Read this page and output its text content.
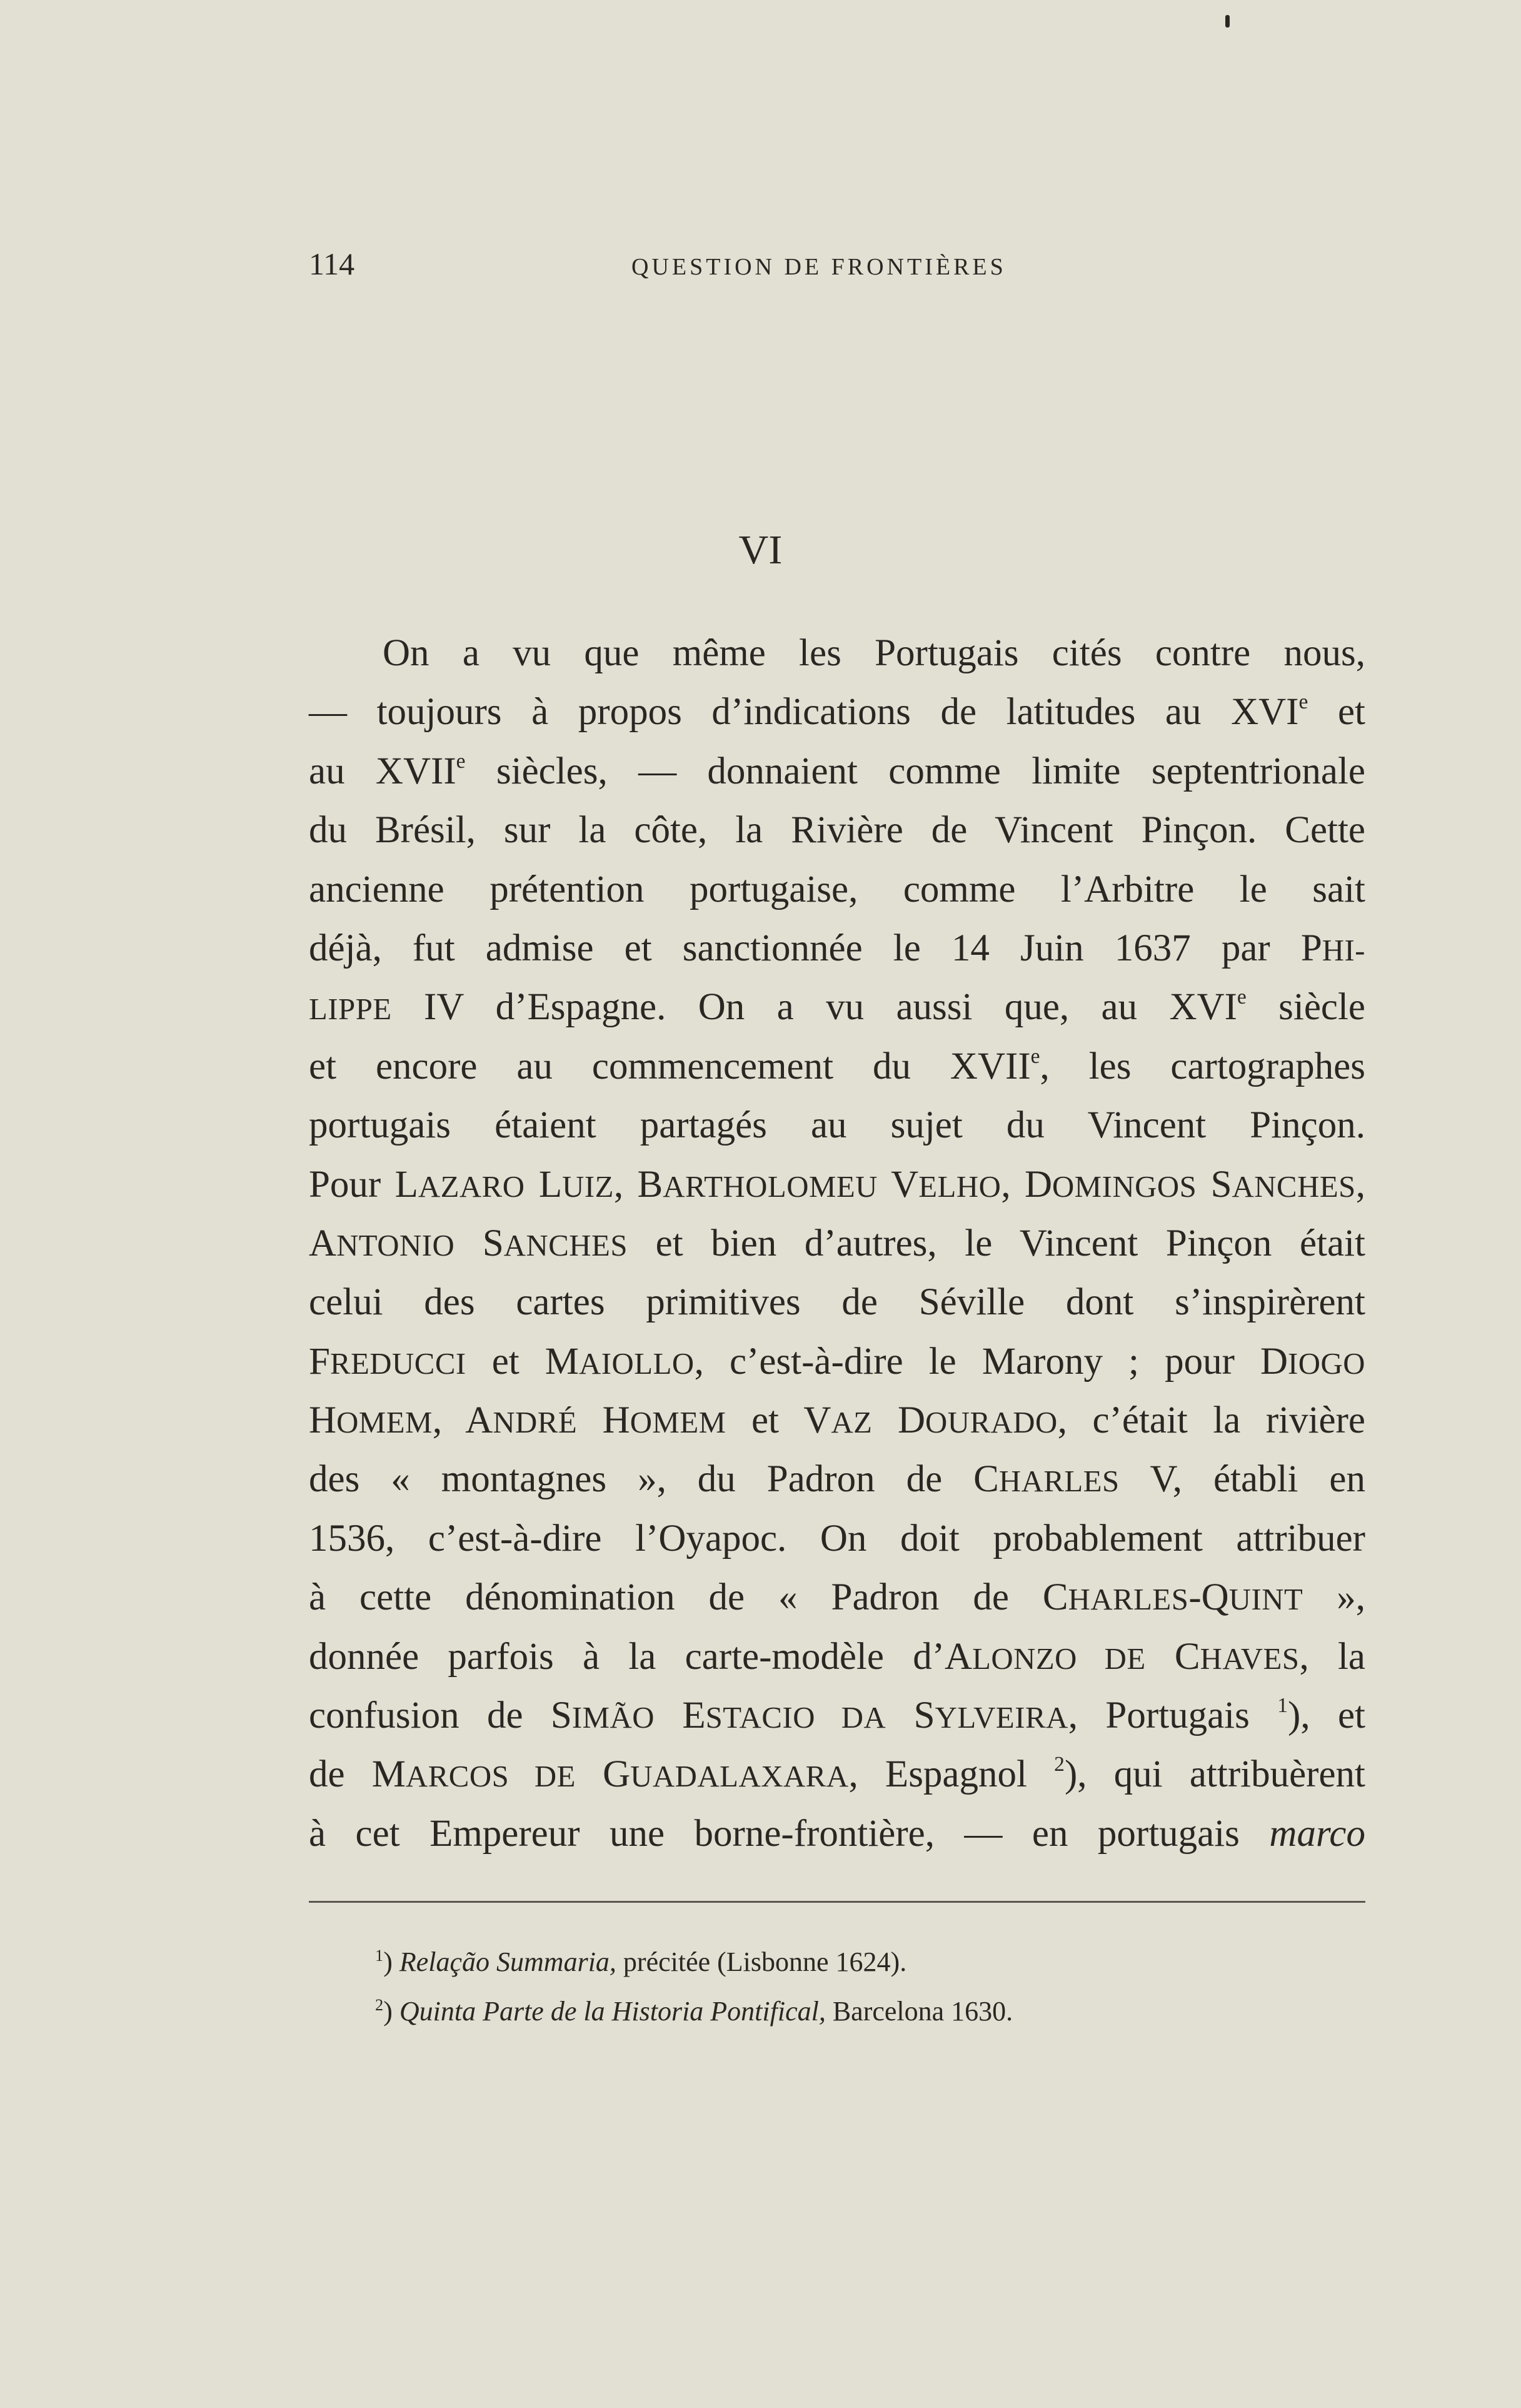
114	QUESTION DE FRONTIÈRES
VI
On a vu que même les Portugais cités contre nous,
— toujours à propos d’indications de latitudes au XVIe et
au XVIIe siècles, — donnaient comme limite septentrionale
du Brésil, sur la côte, la Rivière de Vincent Pinçon. Cette
ancienne prétention portugaise, comme l’Arbitre le sait
déjà, fut admise et sanctionnée le 14 Juin 1637 par PHI-
LIPPE IV d’Espagne. On a vu aussi que, au XVIe siècle
et encore au commencement du XVIIe, les cartographes
portugais étaient partagés au sujet du Vincent Pinçon.
Pour LAZARO LUIZ, BARTHOLOMEU VELHO, DOMINGOS SANCHES,
ANTONIO SANCHES et bien d’autres, le Vincent Pinçon était
celui des cartes primitives de Séville dont s’inspirèrent
FREDUCCI et MAIOLLO, c’est-à-dire le Marony ; pour DIOGO
HOMEM, ANDRÉ HOMEM et VAZ DOURADO, c’était la rivière
des « montagnes », du Padron de CHARLES V, établi en
1536, c’est-à-dire l’Oyapoc. On doit probablement attribuer
à cette dénomination de « Padron de CHARLES-QUINT »,
donnée parfois à la carte-modèle d’ALONZO DE CHAVES, la
confusion de SIMÃO ESTACIO DA SYLVEIRA, Portugais $^1$), et
de MARCOS DE GUADALAXARA, Espagnol $^2$), qui attribuèrent
à cet Empereur une borne-frontière, — en portugais marco
$^1$) Relação Summaria, précitée (Lisbonne 1624).
$^2$) Quinta Parte de la Historia Pontifical, Barcelona 1630.
